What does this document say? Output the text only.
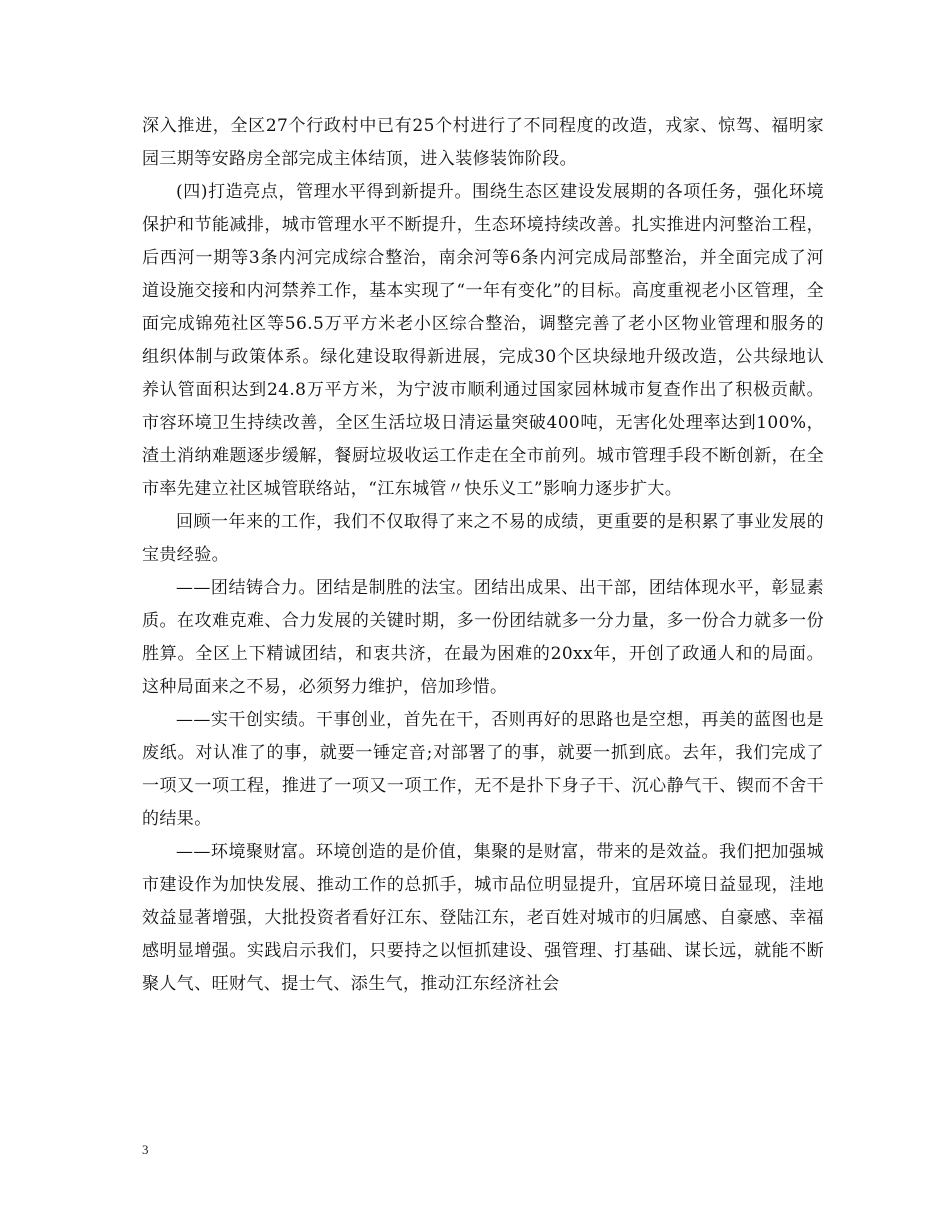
深入推进，全区27个行政村中已有25个村进行了不同程度的改造，戎家、惊驾、福明家园三期等安路房全部完成主体结顶，进入装修装饰阶段。

(四)打造亮点，管理水平得到新提升。围绕生态区建设发展期的各项任务，强化环境保护和节能减排，城市管理水平不断提升，生态环境持续改善。扎实推进内河整治工程，后西河一期等3条内河完成综合整治，南余河等6条内河完成局部整治，并全面完成了河道设施交接和内河禁养工作，基本实现了“一年有变化”的目标。高度重视老小区管理，全面完成锦苑社区等56.5万平方米老小区综合整治，调整完善了老小区物业管理和服务的组织体制与政策体系。绿化建设取得新进展，完成30个区块绿地升级改造，公共绿地认养认管面积达到24.8万平方米，为宁波市顺利通过国家园林城市复查作出了积极贡献。市容环境卫生持续改善，全区生活垃圾日清运量突破400吨，无害化处理率达到100%，渣土消纳难题逐步缓解，餐厨垃圾收运工作走在全市前列。城市管理手段不断创新，在全市率先建立社区城管联络站，“江东城管〃快乐义工”影响力逐步扩大。

回顾一年来的工作，我们不仅取得了来之不易的成绩，更重要的是积累了事业发展的宝贵经验。

——团结铸合力。团结是制胜的法宝。团结出成果、出干部，团结体现水平，彰显素质。在攻难克难、合力发展的关键时期，多一份团结就多一分力量，多一份合力就多一份胜算。全区上下精诚团结，和衷共济，在最为困难的20xx年，开创了政通人和的局面。这种局面来之不易，必须努力维护，倍加珍惜。

——实干创实绩。干事创业，首先在干，否则再好的思路也是空想，再美的蓝图也是废纸。对认准了的事，就要一锤定音;对部署了的事，就要一抓到底。去年，我们完成了一项又一项工程，推进了一项又一项工作，无不是扑下身子干、沉心静气干、锲而不舍干的结果。

——环境聚财富。环境创造的是价值，集聚的是财富，带来的是效益。我们把加强城市建设作为加快发展、推动工作的总抓手，城市品位明显提升，宜居环境日益显现，洼地效益显著增强，大批投资者看好江东、登陆江东，老百姓对城市的归属感、自豪感、幸福感明显增强。实践启示我们，只要持之以恒抓建设、强管理、打基础、谋长远，就能不断聚人气、旺财气、提士气、添生气，推动江东经济社会

3
